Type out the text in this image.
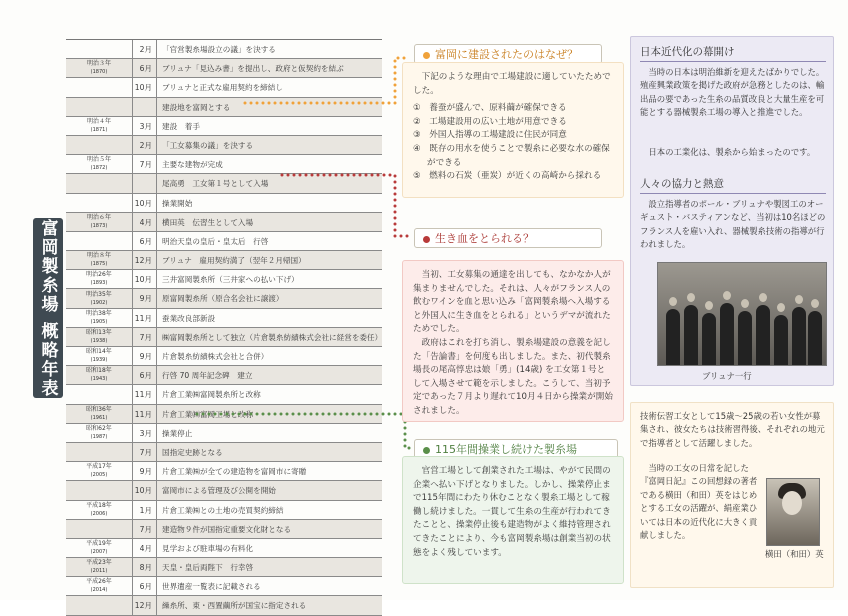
富岡製糸場 概略年表
2月	「官営製糸場設立の議」を決する
明治３年
(1870)	6月	ブリュナ「見込み書」を提出し、政府と仮契約を結ぶ
10月	ブリュナと正式な雇用契約を締結し
建設地を富岡とする
明治４年
(1871)	3月	建設　着手
2月	「工女募集の議」を決する
明治５年
(1872)	7月	主要な建物が完成
尾高勇　工女第１号として入場
10月	操業開始
明治６年
(1873)	4月	横田英　伝習生として入場
6月	明治天皇の皇后・皇太后　行啓
明治８年
(1875)	12月	ブリュナ　雇用契約満了（翌年２月帰国）
明治26年
(1893)	10月	三井富岡製糸所（三井家への払い下げ）
明治35年
(1902)	9月	原富岡製糸所（原合名会社に譲渡）
明治38年
(1905)	11月	蚕業改良部新設
昭和13年
(1938)	7月	㈱富岡製糸所として独立（片倉製糸紡績株式会社に経営を委任）
昭和14年
(1939)	9月	片倉製糸紡績株式会社と合併）
昭和18年
(1943)	6月	行啓 70 周年記念碑　建立
11月	片倉工業㈱富岡製糸所と改称
昭和36年
(1961)	11月	片倉工業㈱富岡工場と改称
昭和62年
(1987)	3月	操業停止
7月	国指定史跡となる
平成17年
(2005)	9月	片倉工業㈱が全ての建造物を富岡市に寄贈
10月	富岡市による管理及び公開を開始
平成18年
(2006)	1月	片倉工業㈱との土地の売買契約締結
7月	建造物９件が国指定重要文化財となる
平成19年
(2007)	4月	見学および駐車場の有料化
平成23年
(2011)	8月	天皇・皇后両陛下　行幸啓
平成26年
(2014)	6月	世界遺産一覧表に記載される
12月	繰糸所、東・西置繭所が国宝に指定される
富岡に建設されたのはなぜ？
下記のような理由で工場建設に適していたためでした。
①　養蚕が盛んで、原料繭が確保できる
②　工場建設用の広い土地が用意できる
③　外国人指導の工場建設に住民が同意
④　既存の用水を使うことで製糸に必要な水の確保ができる
⑤　燃料の石炭（亜炭）が近くの高崎から採れる
生き血をとられる？
当初、工女募集の通達を出しても、なかなか人が集まりませんでした。それは、人々がフランス人の飲むワインを血と思い込み「富岡製糸場へ入場すると外国人に生き血をとられる」というデマが流れたためでした。
政府はこれを打ち消し、製糸場建設の意義を記した「告論書」を何度も出しました。また、初代製糸場長の尾高惇忠は娘「勇」(14歳) を工女第１号として入場させて範を示しました。こうして、当初予定であった７月より遅れて10月４日から操業が開始されました。
115年間操業し続けた製糸場
官営工場として創業された工場は、やがて民間の企業へ払い下げとなりました。しかし、操業停止まで115年間にわたり休むことなく製糸工場として稼働し続けました。一貫して生糸の生産が行われてきたことと、操業停止後も建造物がよく維持管理されてきたことにより、今も富岡製糸場は創業当初の状態をよく残しています。
日本近代化の幕開け
当時の日本は明治維新を迎えたばかりでした。殖産興業政策を掲げた政府が急務としたのは、輸出品の要であった生糸の品質改良と大量生産を可能とする器械製糸工場の導入と推進でした。
日本の工業化は、製糸から始まったのです。
人々の協力と熱意
設立指導者のポール・ブリュナや製図工のオーギュスト・バスティアンなど、当初は10名ほどのフランス人を雇い入れ、器械製糸技術の指導が行われました。
ブリュナ一行
技術伝習工女として15歳～25歳の若い女性が募集され、彼女たちは技術習得後、それぞれの地元で指導者として活躍しました。
当時の工女の日常を記した『富岡日記』この回想録の著者である横田（和田）英をはじめとする工女の活躍が、絹産業ひいては日本の近代化に大きく貢献しました。
横田（和田）英
